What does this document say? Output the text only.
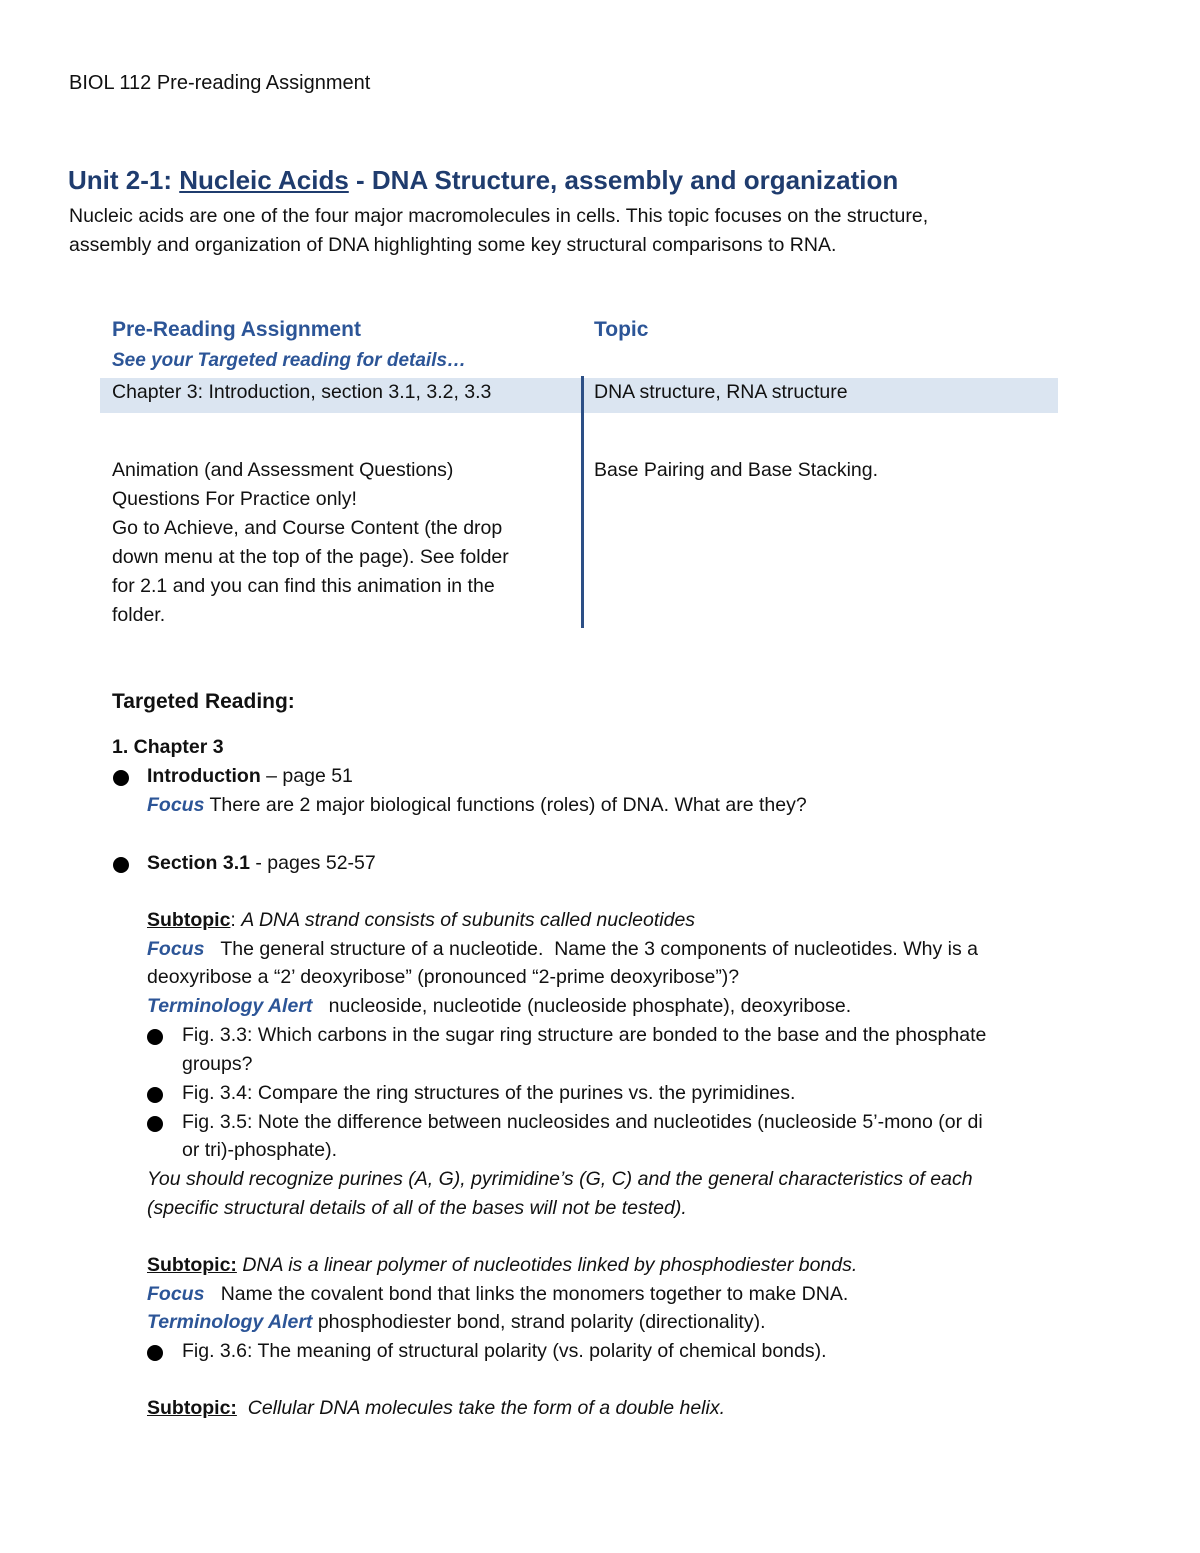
BIOL 112 Pre-reading Assignment
Unit 2-1: Nucleic Acids - DNA Structure, assembly and organization
Nucleic acids are one of the four major macromolecules in cells. This topic focuses on the structure,
assembly and organization of DNA highlighting some key structural comparisons to RNA.
Pre-Reading Assignment	Topic
See your Targeted reading for details…
Chapter 3: Introduction, section 3.1, 3.2, 3.3	DNA structure, RNA structure
Animation (and Assessment Questions)
Questions For Practice only!
Go to Achieve, and Course Content (the drop
down menu at the top of the page). See folder
for 2.1 and you can find this animation in the
folder.
Base Pairing and Base Stacking.
Targeted Reading:
1. Chapter 3
Introduction – page 51
Focus There are 2 major biological functions (roles) of DNA. What are they?
Section 3.1 - pages 52-57
Subtopic: A DNA strand consists of subunits called nucleotides
Focus   The general structure of a nucleotide.  Name the 3 components of nucleotides. Why is a
deoxyribose a “2’ deoxyribose” (pronounced “2-prime deoxyribose”)?
Terminology Alert   nucleoside, nucleotide (nucleoside phosphate), deoxyribose.
Fig. 3.3: Which carbons in the sugar ring structure are bonded to the base and the phosphate
groups?
Fig. 3.4: Compare the ring structures of the purines vs. the pyrimidines.
Fig. 3.5: Note the difference between nucleosides and nucleotides (nucleoside 5’-mono (or di
or tri)-phosphate).
You should recognize purines (A, G), pyrimidine’s (G, C) and the general characteristics of each
(specific structural details of all of the bases will not be tested).
Subtopic: DNA is a linear polymer of nucleotides linked by phosphodiester bonds.
Focus   Name the covalent bond that links the monomers together to make DNA.
Terminology Alert phosphodiester bond, strand polarity (directionality).
Fig. 3.6: The meaning of structural polarity (vs. polarity of chemical bonds).
Subtopic:  Cellular DNA molecules take the form of a double helix.
